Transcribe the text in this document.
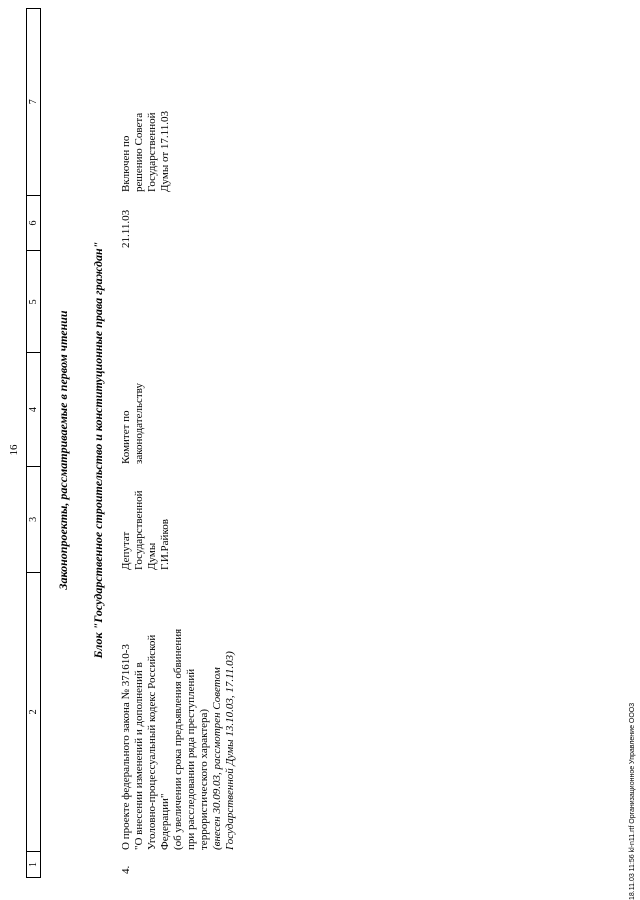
16
1
2
3
4
5
6
7
Законопроекты, рассматриваемые в первом чтении Блок "Государственное строительство и конституционные права граждан"
4.
О проекте федерального закона № 371610-3 "О внесении изменений и дополнений в Уголовно-процессуальный кодекс Российской Федерации" (об увеличении срока предъявления обвинения при расследовании ряда преступлений террористического характера) (внесен 30.09.03, рассмотрен Советом Государственной Думы 13.10.03, 17.11.03)
Депутат Государственной Думы Г.И.Райков
Комитет по законодательству
21.11.03
Включен по решению Совета Государственной Думы от 17.11.03
18.11.03 11:56 kl-n11.rtf Организационное Управление ООО3
